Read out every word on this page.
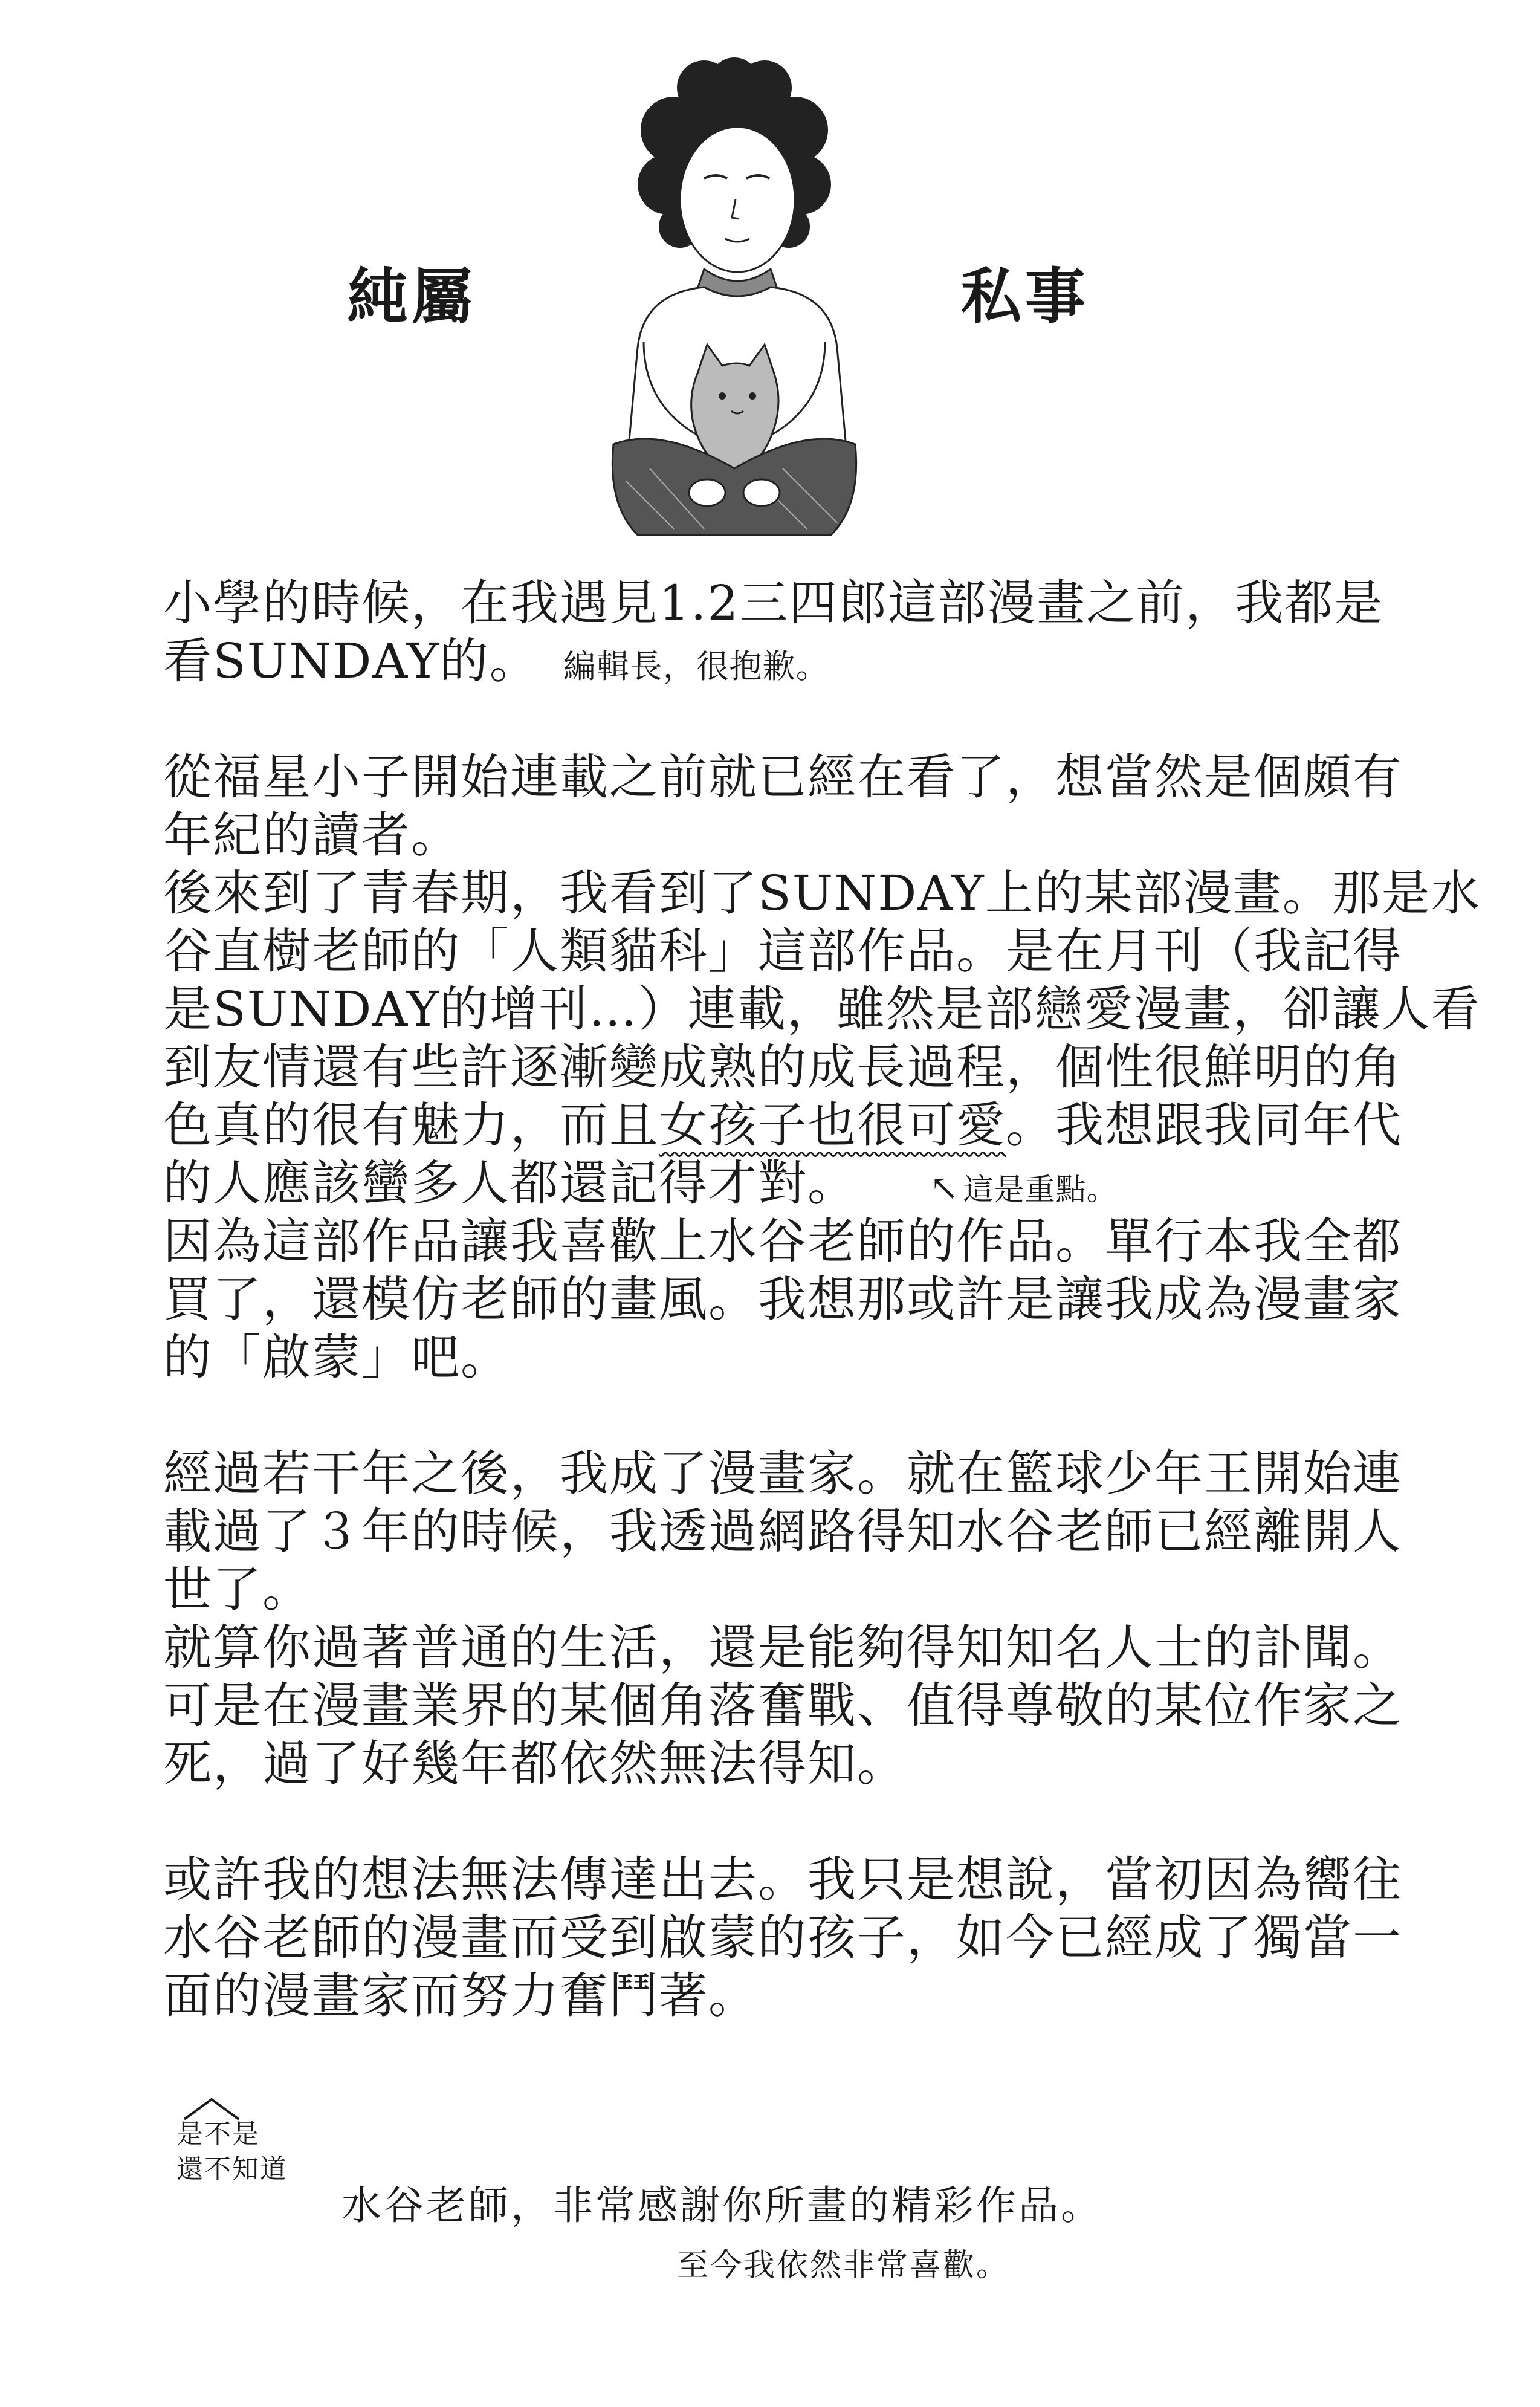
純屬	私事
小學的時候，在我遇見1.2三四郎這部漫畫之前，我都是
看SUNDAY的。 編輯長，很抱歉。
從福星小子開始連載之前就已經在看了，想當然是個頗有
年紀的讀者。
後來到了青春期，我看到了SUNDAY上的某部漫畫。那是水
谷直樹老師的「人類貓科」這部作品。是在月刊（我記得
是SUNDAY的增刊…）連載，雖然是部戀愛漫畫，卻讓人看
到友情還有些許逐漸變成熟的成長過程，個性很鮮明的角
色真的很有魅力，而且女孩子也很可愛。我想跟我同年代
的人應該蠻多人都還記得才對。 ↖ 這是重點。
因為這部作品讓我喜歡上水谷老師的作品。單行本我全都
買了，還模仿老師的畫風。我想那或許是讓我成為漫畫家
的「啟蒙」吧。
經過若干年之後，我成了漫畫家。就在籃球少年王開始連
載過了３年的時候，我透過網路得知水谷老師已經離開人
世了。
就算你過著普通的生活，還是能夠得知知名人士的訃聞。
可是在漫畫業界的某個角落奮戰、值得尊敬的某位作家之
死，過了好幾年都依然無法得知。
或許我的想法無法傳達出去。我只是想說，當初因為嚮往
水谷老師的漫畫而受到啟蒙的孩子，如今已經成了獨當一
面的漫畫家而努力奮鬥著。
是不是
還不知道
水谷老師，非常感謝你所畫的精彩作品。
至今我依然非常喜歡。
